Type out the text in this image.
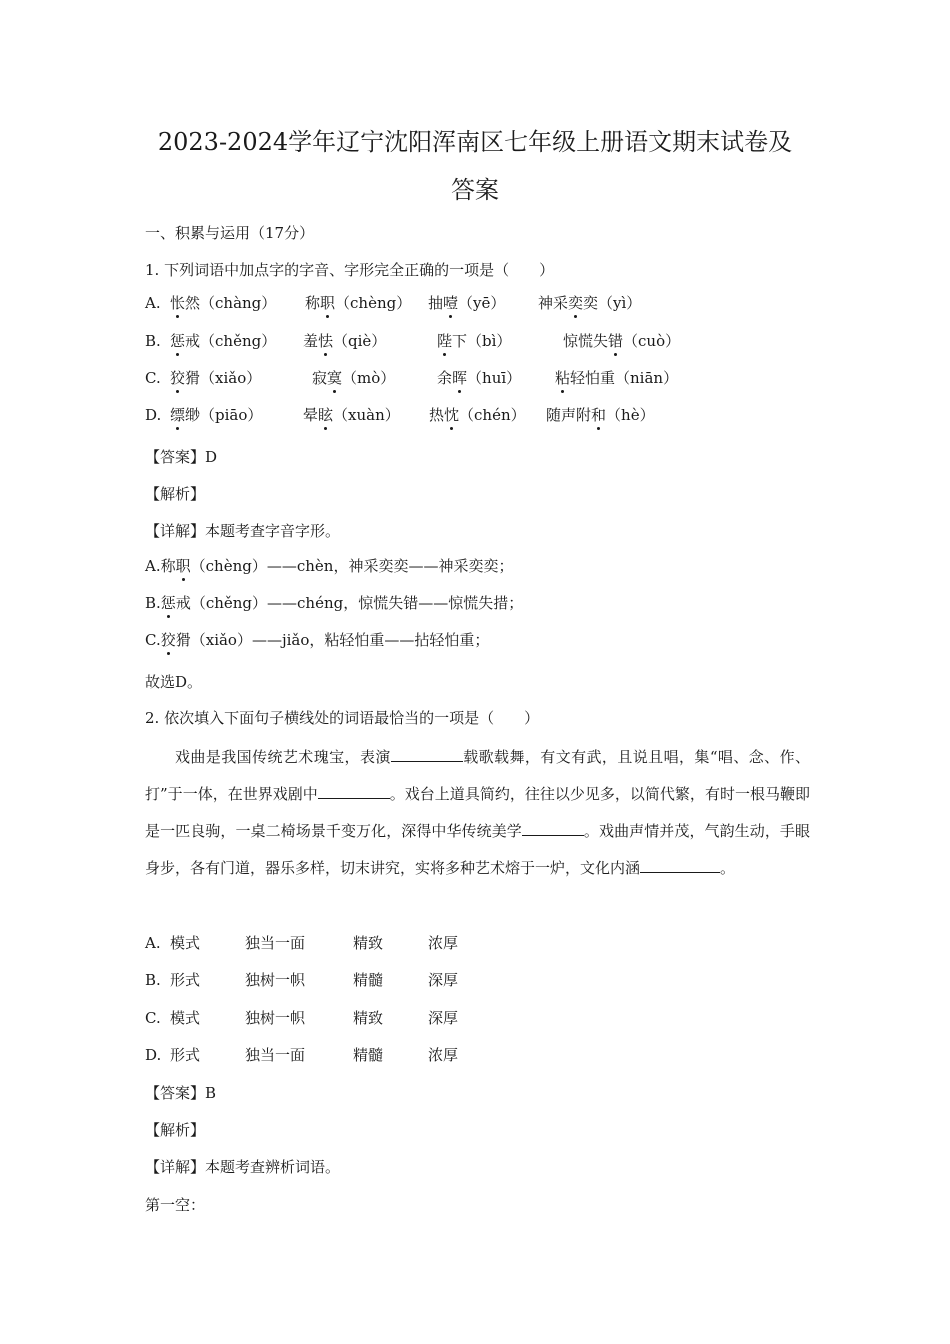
2023-2024学年辽宁沈阳浑南区七年级上册语文期末试卷及
答案
一、积累与运用（17分）
1. 下列词语中加点字的字音、字形完全正确的一项是（　　）
A. 怅然（chàng） 称职（chèng） 抽噎（yē） 神采奕奕（yì）
B. 惩戒（chěng） 羞怯（qiè）	陛下（bì）	惊慌失错（cuò）
C. 狡猾（xiǎo）	寂寞（mò）	余晖（huī） 粘轻怕重（niān）
D. 缥缈（piāo）	晕眩（xuàn） 热忱（chén） 随声附和（hè）
【答案】D
【解析】
【详解】本题考查字音字形。
A.称职（chèng）——chèn，神采奕奕——神采奕奕；
B.惩戒（chěng）——chéng，惊慌失错——惊慌失措；
C.狡猾（xiǎo）——jiǎo，粘轻怕重——拈轻怕重；
故选D。
2. 依次填入下面句子横线处的词语最恰当的一项是（　　）
戏曲是我国传统艺术瑰宝，表演	载歌载舞，有文有武，且说且唱，集“唱、念、作、打”于一体，在世界戏剧中	。戏台上道具简约，往往以少见多，以简代繁，有时一根马鞭即是一匹良驹，一桌二椅场景千变万化，深得中华传统美学	。戏曲声情并茂，气韵生动，手眼身步，各有门道，器乐多样，切末讲究，实将多种艺术熔于一炉，文化内涵	。
A. 模式	独当一面	精致	浓厚
B. 形式	独树一帜	精髓	深厚
C. 模式	独树一帜	精致	深厚
D. 形式	独当一面	精髓	浓厚
【答案】B
【解析】
【详解】本题考查辨析词语。
第一空：
